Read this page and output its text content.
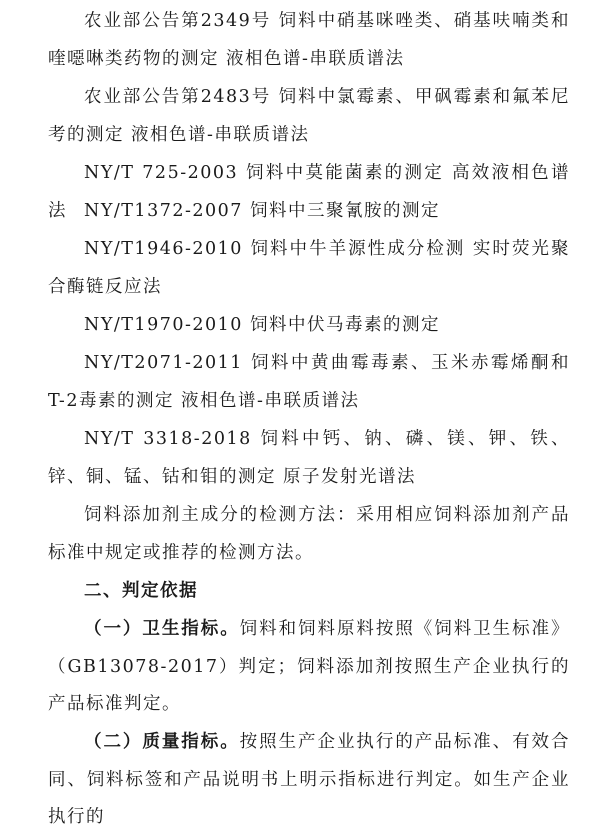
农业部公告第2349号 饲料中硝基咪唑类、硝基呋喃类和喹噁啉类药物的测定 液相色谱-串联质谱法

农业部公告第2483号 饲料中氯霉素、甲砜霉素和氟苯尼考的测定 液相色谱-串联质谱法

NY/T 725-2003 饲料中莫能菌素的测定 高效液相色谱法 NY/T1372-2007 饲料中三聚氰胺的测定

NY/T1946-2010 饲料中牛羊源性成分检测 实时荧光聚合酶链反应法

NY/T1970-2010 饲料中伏马毒素的测定

NY/T2071-2011 饲料中黄曲霉毒素、玉米赤霉烯酮和T-2毒素的测定 液相色谱-串联质谱法

NY/T 3318-2018 饲料中钙、钠、磷、镁、钾、铁、锌、铜、锰、钴和钼的测定 原子发射光谱法

饲料添加剂主成分的检测方法：采用相应饲料添加剂产品标准中规定或推荐的检测方法。

二、判定依据

（一）卫生指标。饲料和饲料原料按照《饲料卫生标准》（GB13078-2017）判定；饲料添加剂按照生产企业执行的产品标准判定。

（二）质量指标。按照生产企业执行的产品标准、有效合同、饲料标签和产品说明书上明示指标进行判定。如生产企业执行的
